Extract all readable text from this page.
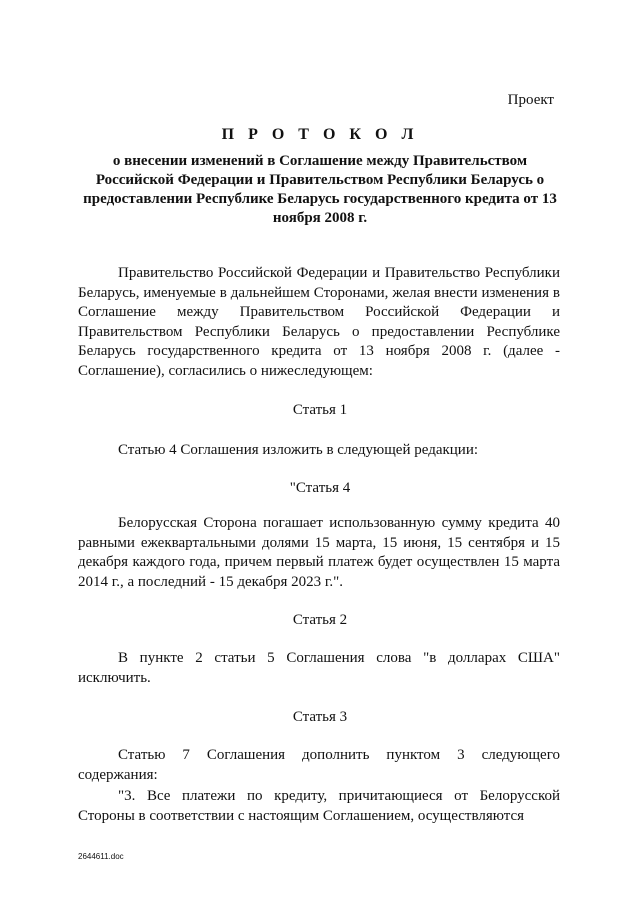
Проект
П Р О Т О К О Л
о внесении изменений в Соглашение между Правительством Российской Федерации и Правительством Республики Беларусь о предоставлении Республике Беларусь государственного кредита от 13 ноября 2008 г.

Правительство Российской Федерации и Правительство Республики Беларусь, именуемые в дальнейшем Сторонами, желая внести изменения в Соглашение между Правительством Российской Федерации и Правительством Республики Беларусь о предоставлении Республике Беларусь государственного кредита от 13 ноября 2008 г. (далее - Соглашение), согласились о нижеследующем:

Статья 1

Статью 4 Соглашения изложить в следующей редакции:

"Статья 4

Белорусская Сторона погашает использованную сумму кредита 40 равными ежеквартальными долями 15 марта, 15 июня, 15 сентября и 15 декабря каждого года, причем первый платеж будет осуществлен 15 марта 2014 г., а последний - 15 декабря 2023 г.".

Статья 2

В пункте 2 статьи 5 Соглашения слова "в долларах США" исключить.

Статья 3

Статью 7 Соглашения дополнить пунктом 3 следующего содержания:

"3. Все платежи по кредиту, причитающиеся от Белорусской Стороны в соответствии с настоящим Соглашением, осуществляются

2644611.doc
